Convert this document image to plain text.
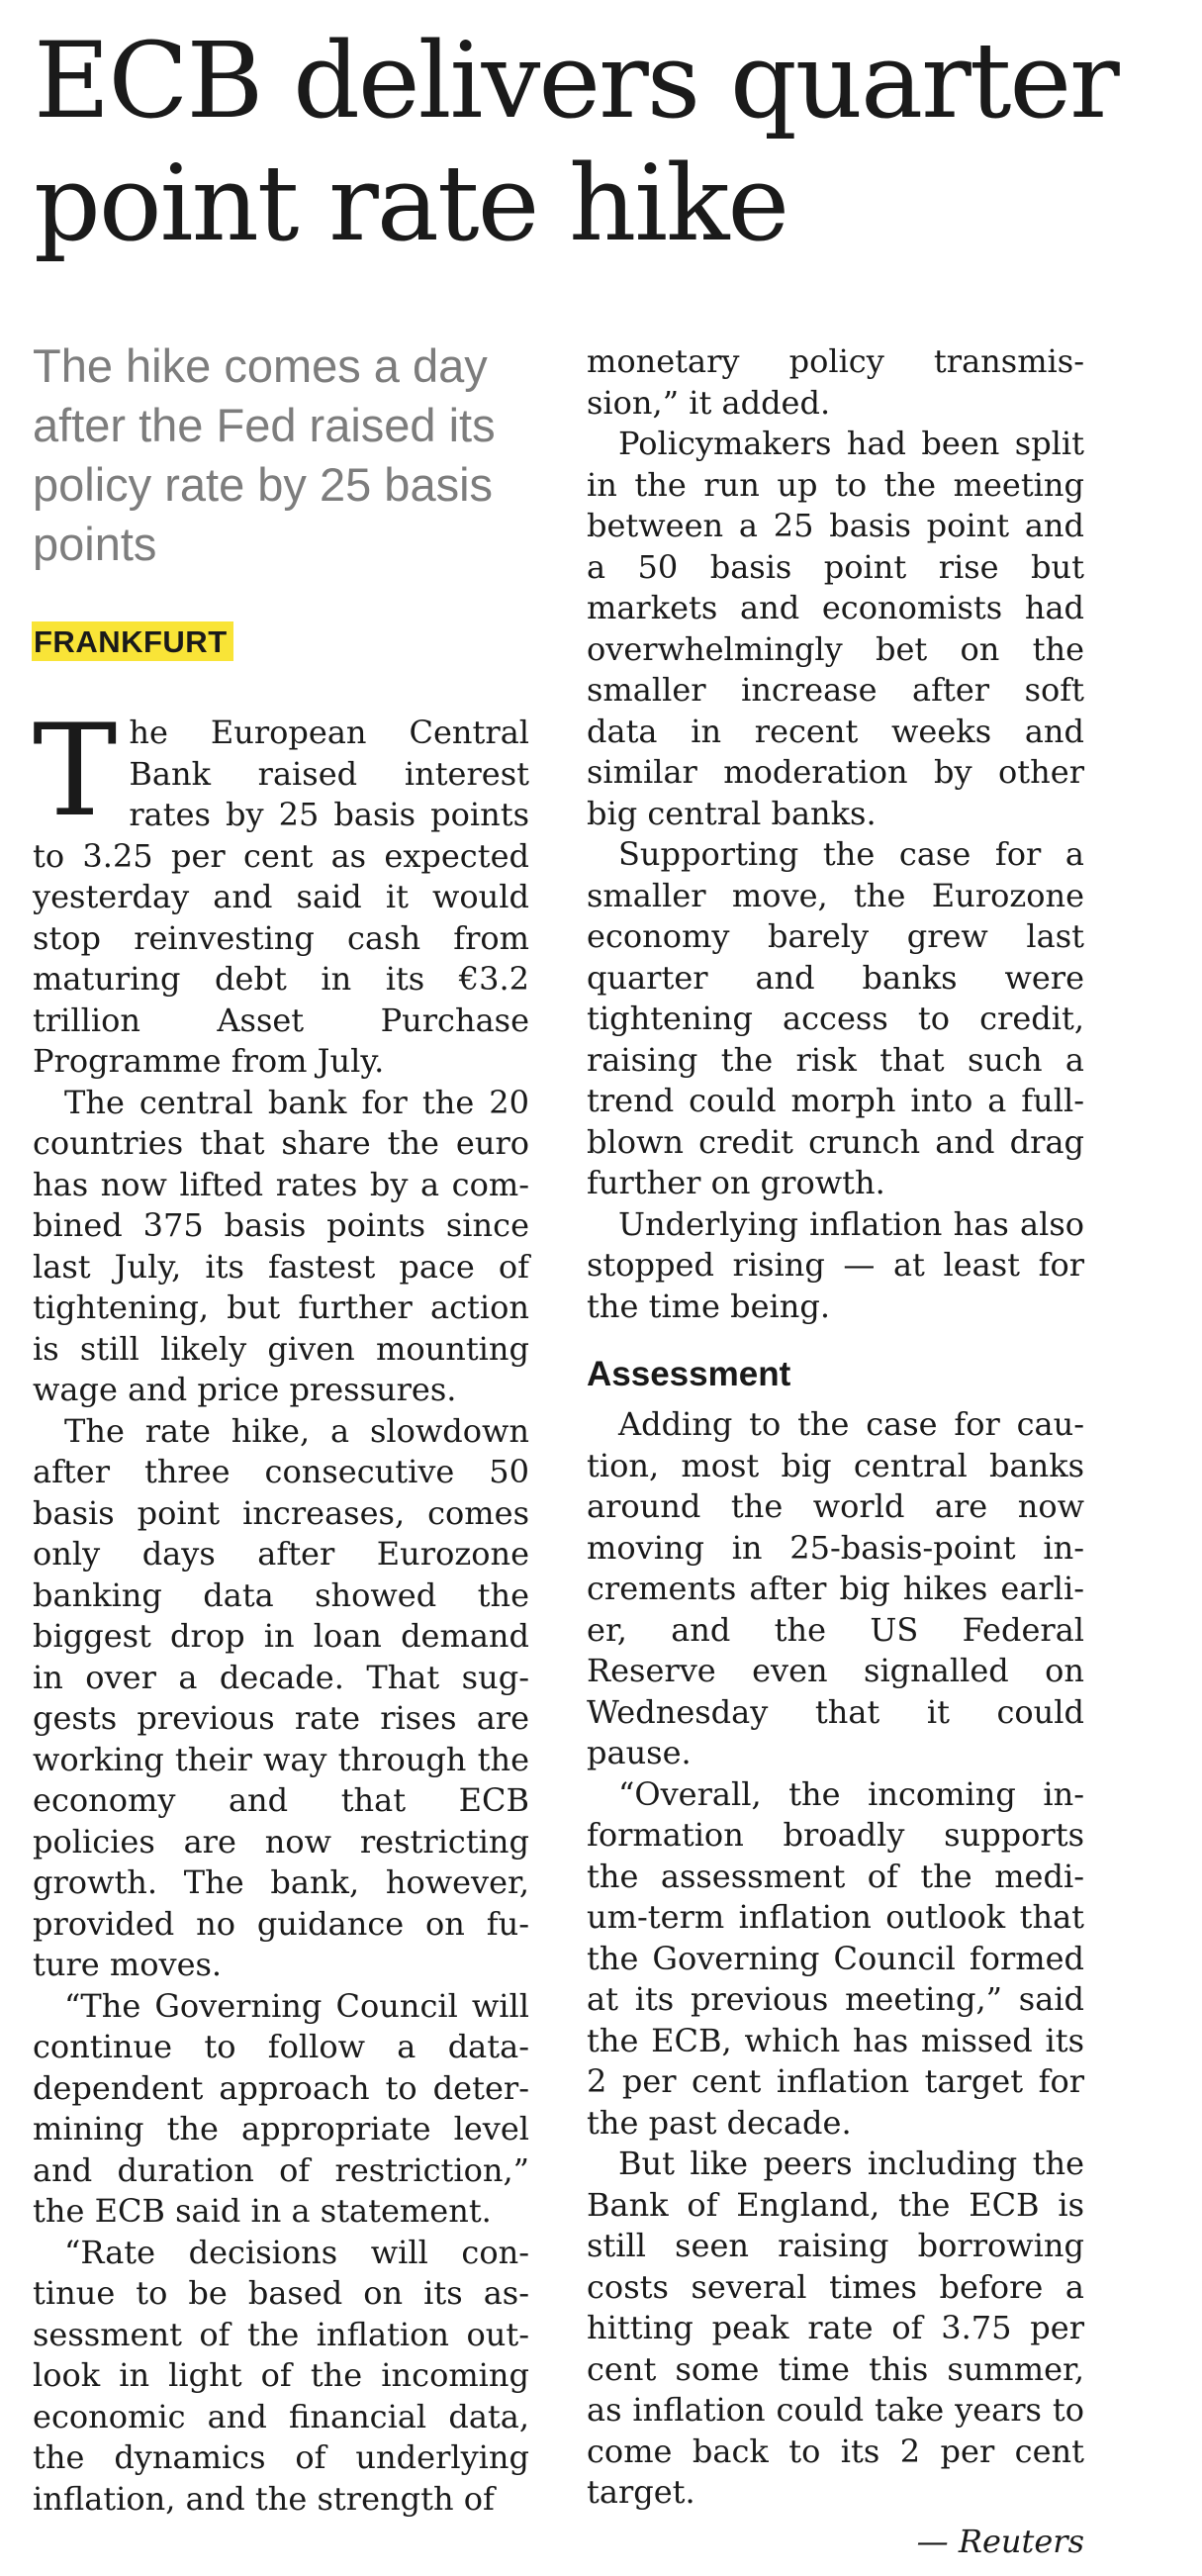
ECB delivers quarter point rate hike

The hike comes a day after the Fed raised its policy rate by 25 basis points

FRANKFURT

The European Central Bank raised interest rates by 25 basis points to 3.25 per cent as expected yesterday and said it would stop reinvesting cash from maturing debt in its €3.2 trillion Asset Purchase Programme from July.

The central bank for the 20 countries that share the euro has now lifted rates by a combined 375 basis points since last July, its fastest pace of tightening, but further action is still likely given mounting wage and price pressures.

The rate hike, a slowdown after three consecutive 50 basis point increases, comes only days after Eurozone banking data showed the biggest drop in loan demand in over a decade. That suggests previous rate rises are working their way through the economy and that ECB policies are now restricting growth. The bank, however, provided no guidance on future moves.

“The Governing Council will continue to follow a data-dependent approach to determining the appropriate level and duration of restriction,” the ECB said in a statement.

“Rate decisions will continue to be based on its assessment of the inflation outlook in light of the incoming economic and financial data, the dynamics of underlying inflation, and the strength of

monetary policy transmission,” it added.

Policymakers had been split in the run up to the meeting between a 25 basis point and a 50 basis point rise but markets and economists had overwhelmingly bet on the smaller increase after soft data in recent weeks and similar moderation by other big central banks.

Supporting the case for a smaller move, the Eurozone economy barely grew last quarter and banks were tightening access to credit, raising the risk that such a trend could morph into a full-blown credit crunch and drag further on growth.

Underlying inflation has also stopped rising — at least for the time being.

Assessment

Adding to the case for caution, most big central banks around the world are now moving in 25-basis-point increments after big hikes earlier, and the US Federal Reserve even signalled on Wednesday that it could pause.

“Overall, the incoming information broadly supports the assessment of the medium-term inflation outlook that the Governing Council formed at its previous meeting,” said the ECB, which has missed its 2 per cent inflation target for the past decade.

But like peers including the Bank of England, the ECB is still seen raising borrowing costs several times before a hitting peak rate of 3.75 per cent some time this summer, as inflation could take years to come back to its 2 per cent target.

— Reuters
